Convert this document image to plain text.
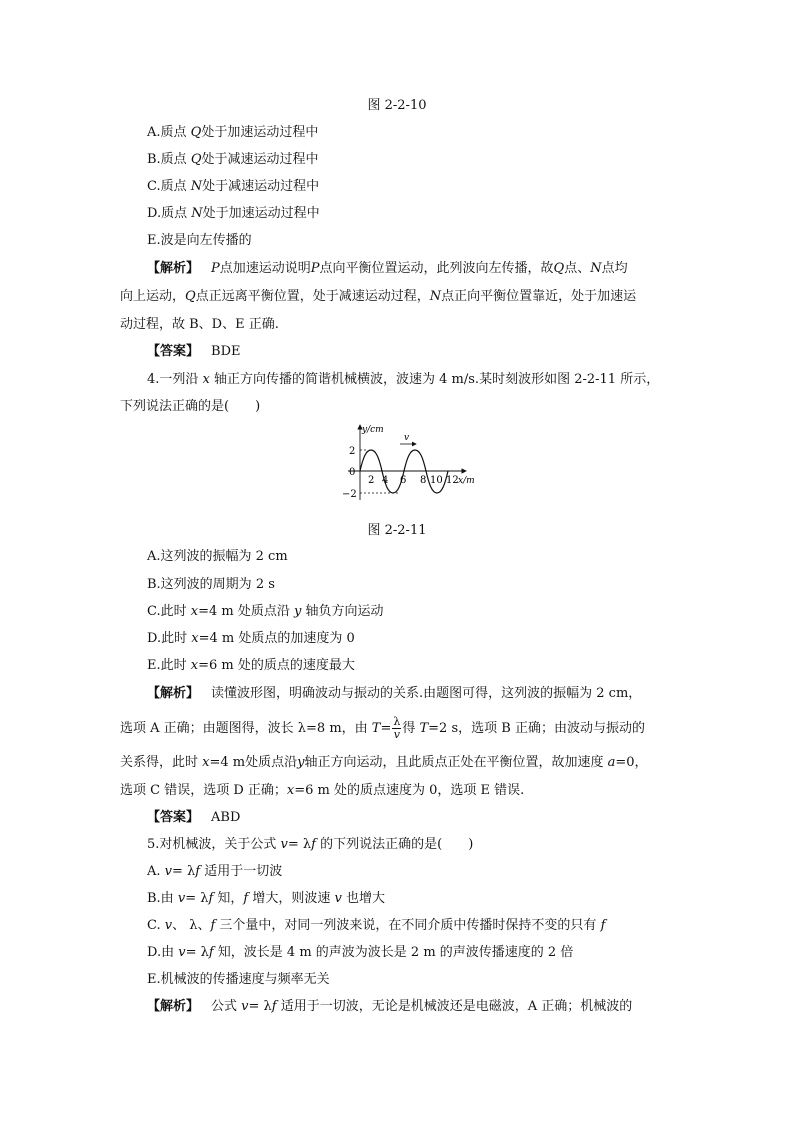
图 2-2-10
A.质点 Q处于加速运动过程中
B.质点 Q处于减速运动过程中
C.质点 N处于减速运动过程中
D.质点 N处于加速运动过程中
E.波是向左传播的
【解析】 P点加速运动说明P点向平衡位置运动，此列波向左传播，故Q点、N点均
向上运动，Q点正远离平衡位置，处于减速运动过程，N点正向平衡位置靠近，处于加速运
动过程，故 B、D、E 正确.
【答案】 BDE
4.一列沿 x 轴正方向传播的简谐机械横波，波速为 4 m/s.某时刻波形如图 2-2-11 所示，
下列说法正确的是(　　)
y/cm
x/m
2
0
−2
v
2 4 6 8 10 12
图 2-2-11
A.这列波的振幅为 2 cm
B.这列波的周期为 2 s
C.此时 x=4 m 处质点沿 y 轴负方向运动
D.此时 x=4 m 处质点的加速度为 0
E.此时 x=6 m 处的质点的速度最大
【解析】 读懂波形图，明确波动与振动的关系.由题图可得，这列波的振幅为 2 cm，
选项 A 正确；由题图得，波长 λ=8 m，由 $T= \frac{\lambda}{v}$ 得 T=2 s，选项 B 正确；由波动与振动的
关系得，此时 x=4 m处质点沿y轴正方向运动，且此质点正处在平衡位置，故加速度 a=0，
选项 C 错误，选项 D 正确；x=6 m 处的质点速度为 0，选项 E 错误.
【答案】 ABD
5.对机械波，关于公式 v= λf 的下列说法正确的是(　　)
A. v= λf 适用于一切波
B.由 v= λf 知，f 增大，则波速 v 也增大
C. v、 λ、f 三个量中，对同一列波来说，在不同介质中传播时保持不变的只有 f
D.由 v= λf 知，波长是 4 m 的声波为波长是 2 m 的声波传播速度的 2 倍
E.机械波的传播速度与频率无关
【解析】 公式 v= λf 适用于一切波，无论是机械波还是电磁波，A 正确；机械波的
